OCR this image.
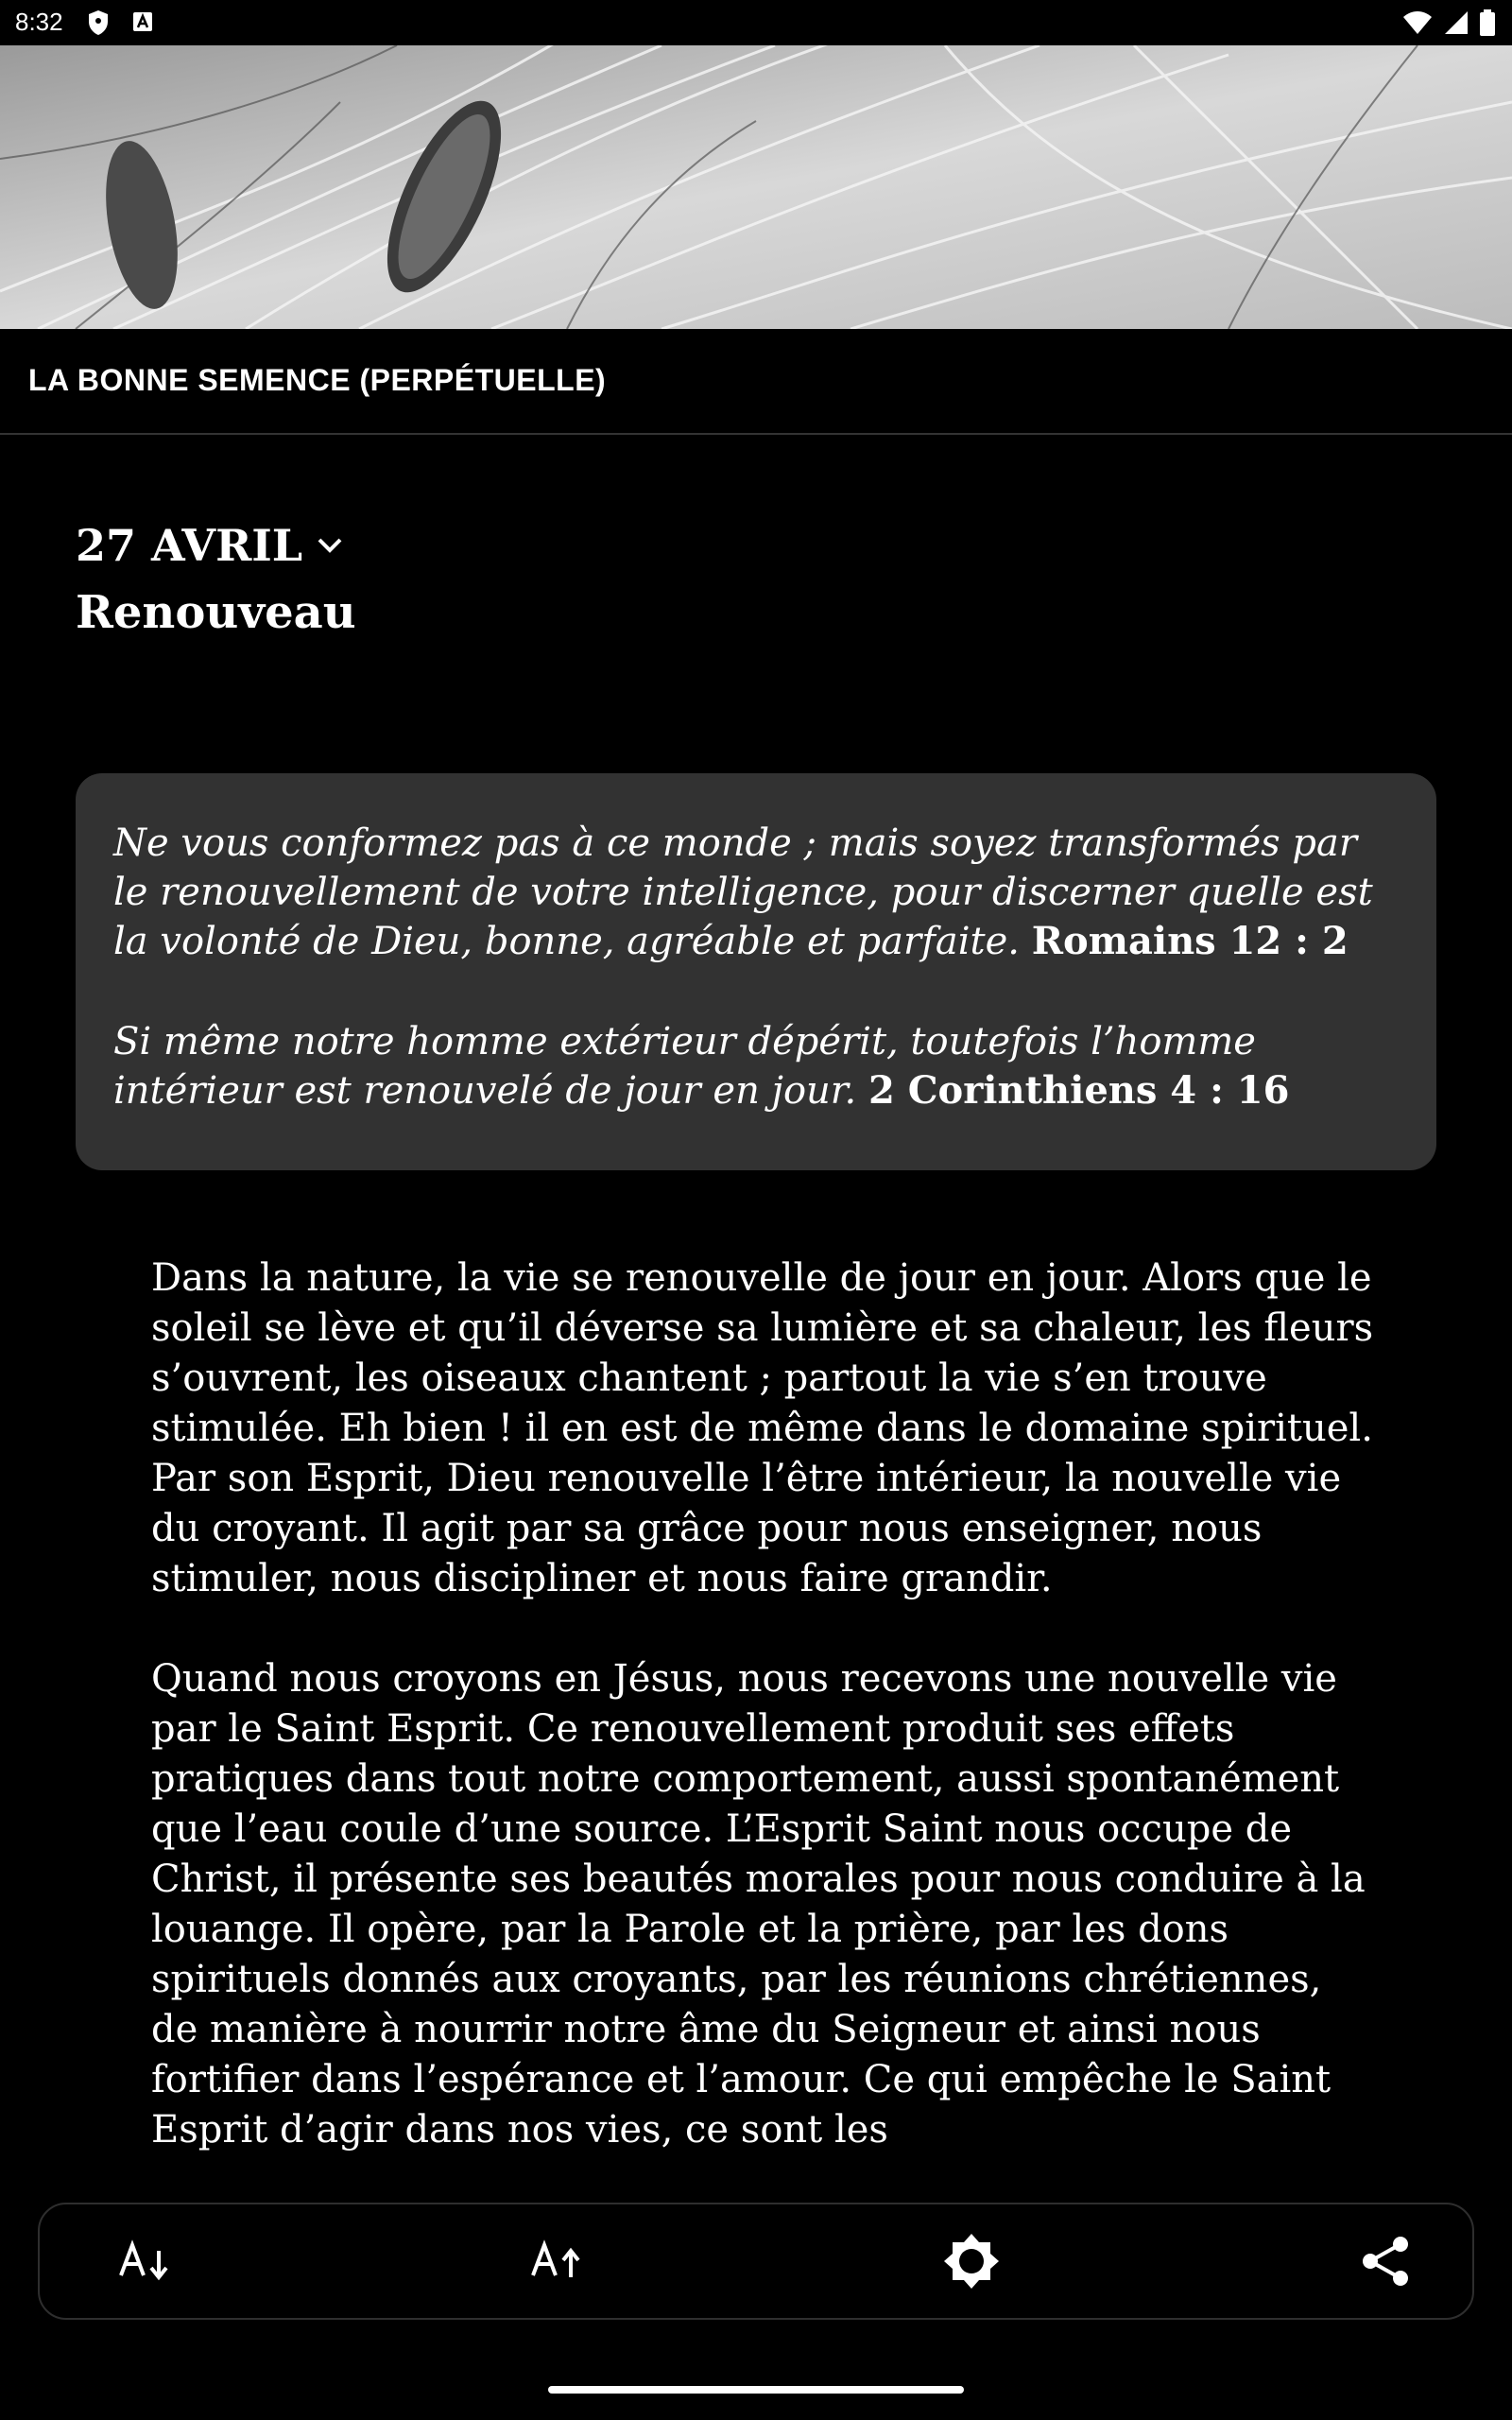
8:32
LA BONNE SEMENCE (PERPÉTUELLE)
27 AVRIL
Renouveau

Ne vous conformez pas à ce monde ; mais soyez transformés par le renouvellement de votre intelligence, pour discerner quelle est la volonté de Dieu, bonne, agréable et parfaite. Romains 12 : 2

Si même notre homme extérieur dépérit, toutefois l’homme intérieur est renouvelé de jour en jour. 2 Corinthiens 4 : 16

Dans la nature, la vie se renouvelle de jour en jour. Alors que le soleil se lève et qu’il déverse sa lumière et sa chaleur, les fleurs s’ouvrent, les oiseaux chantent ; partout la vie s’en trouve stimulée. Eh bien ! il en est de même dans le domaine spirituel. Par son Esprit, Dieu renouvelle l’être intérieur, la nouvelle vie du croyant. Il agit par sa grâce pour nous enseigner, nous stimuler, nous discipliner et nous faire grandir.

Quand nous croyons en Jésus, nous recevons une nouvelle vie par le Saint Esprit. Ce renouvellement produit ses effets pratiques dans tout notre comportement, aussi spontanément que l’eau coule d’une source. L’Esprit Saint nous occupe de Christ, il présente ses beautés morales pour nous conduire à la louange. Il opère, par la Parole et la prière, par les dons spirituels donnés aux croyants, par les réunions chrétiennes, de manière à nourrir notre âme du Seigneur et ainsi nous fortifier dans l’espérance et l’amour. Ce qui empêche le Saint Esprit d’agir dans nos vies, ce sont les
